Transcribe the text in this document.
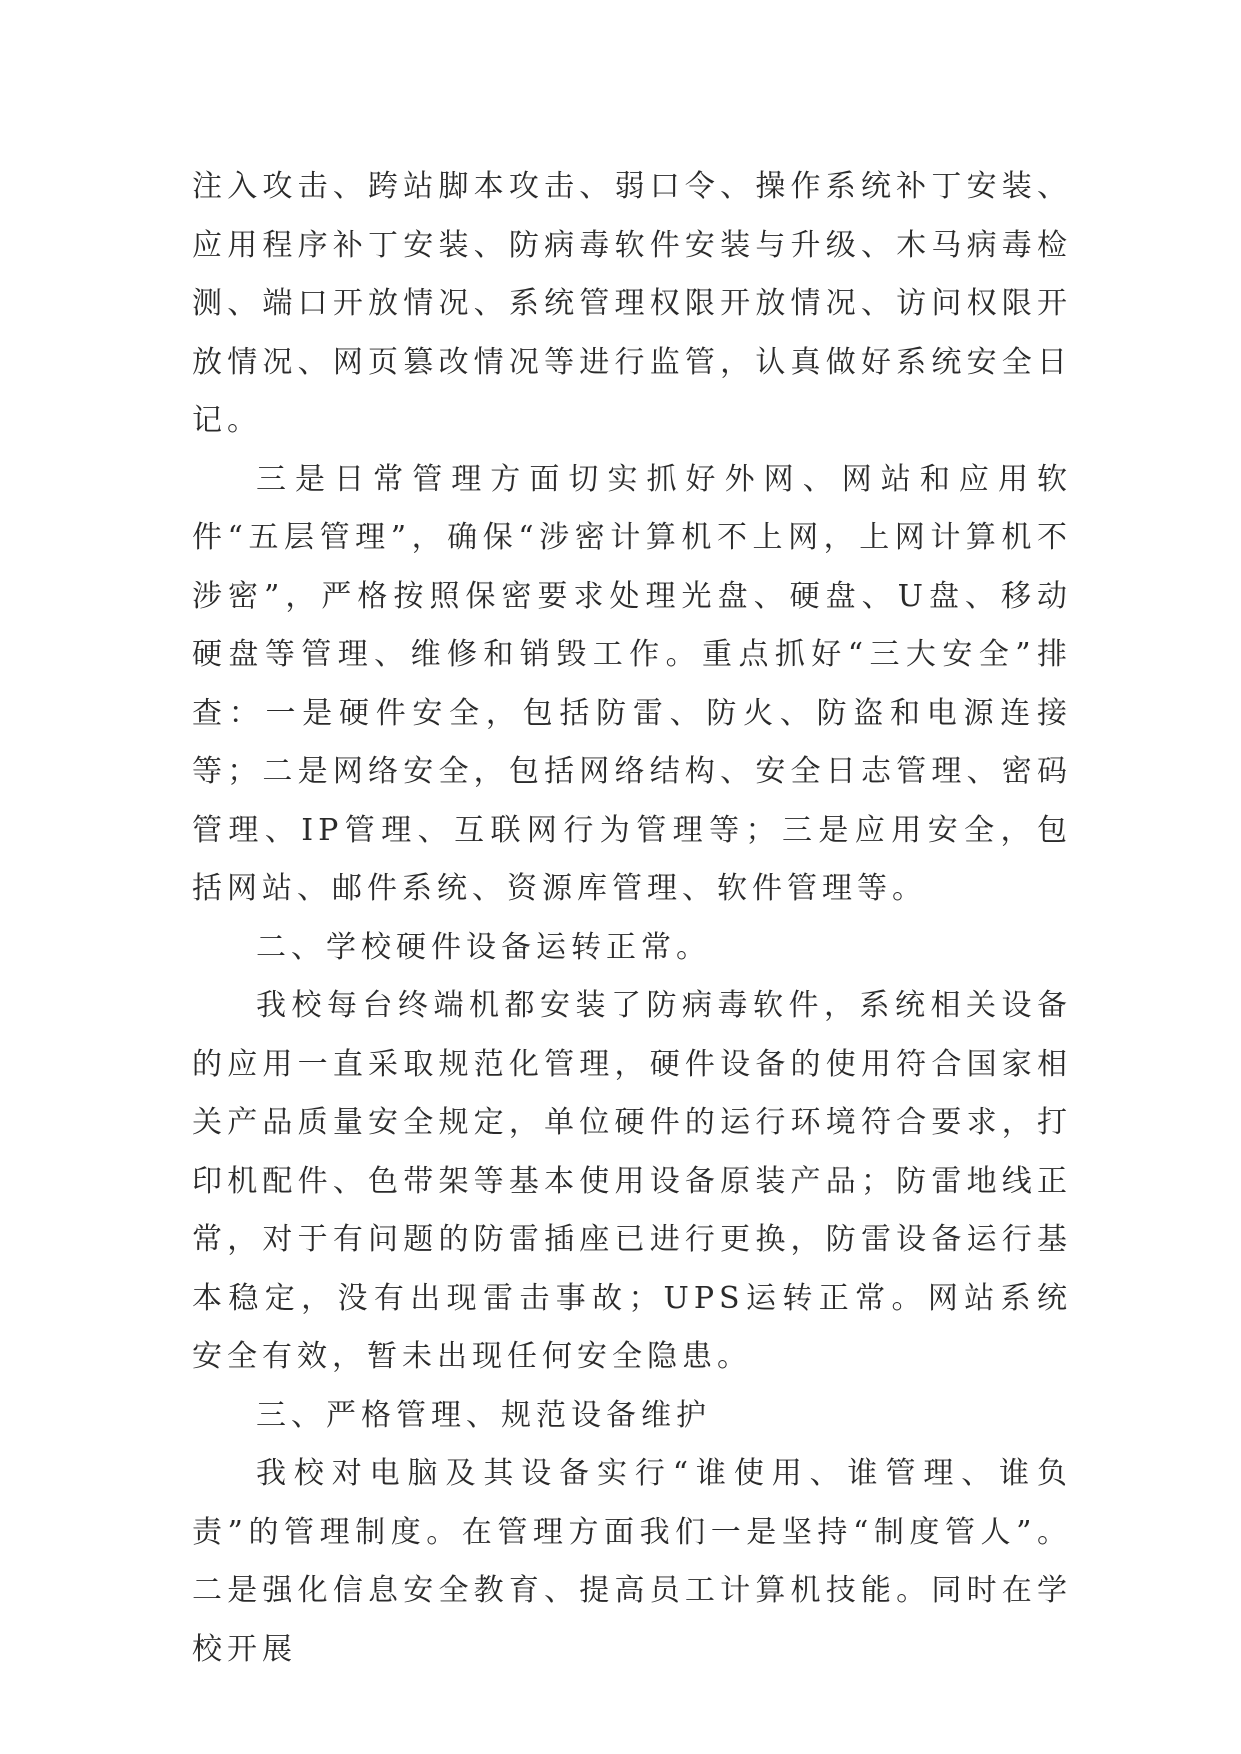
注入攻击、跨站脚本攻击、弱口令、操作系统补丁安装、应用程序补丁安装、防病毒软件安装与升级、木马病毒检测、端口开放情况、系统管理权限开放情况、访问权限开放情况、网页篡改情况等进行监管，认真做好系统安全日记。

三是日常管理方面切实抓好外网、网站和应用软件“五层管理”，确保“涉密计算机不上网，上网计算机不涉密”，严格按照保密要求处理光盘、硬盘、U盘、移动硬盘等管理、维修和销毁工作。重点抓好“三大安全”排查：一是硬件安全，包括防雷、防火、防盗和电源连接等；二是网络安全，包括网络结构、安全日志管理、密码管理、IP管理、互联网行为管理等；三是应用安全，包括网站、邮件系统、资源库管理、软件管理等。

二、学校硬件设备运转正常。

我校每台终端机都安装了防病毒软件，系统相关设备的应用一直采取规范化管理，硬件设备的使用符合国家相关产品质量安全规定，单位硬件的运行环境符合要求，打印机配件、色带架等基本使用设备原装产品；防雷地线正常，对于有问题的防雷插座已进行更换，防雷设备运行基本稳定，没有出现雷击事故；UPS运转正常。网站系统安全有效，暂未出现任何安全隐患。

三、严格管理、规范设备维护

我校对电脑及其设备实行“谁使用、谁管理、谁负责”的管理制度。在管理方面我们一是坚持“制度管人”。二是强化信息安全教育、提高员工计算机技能。同时在学校开展
